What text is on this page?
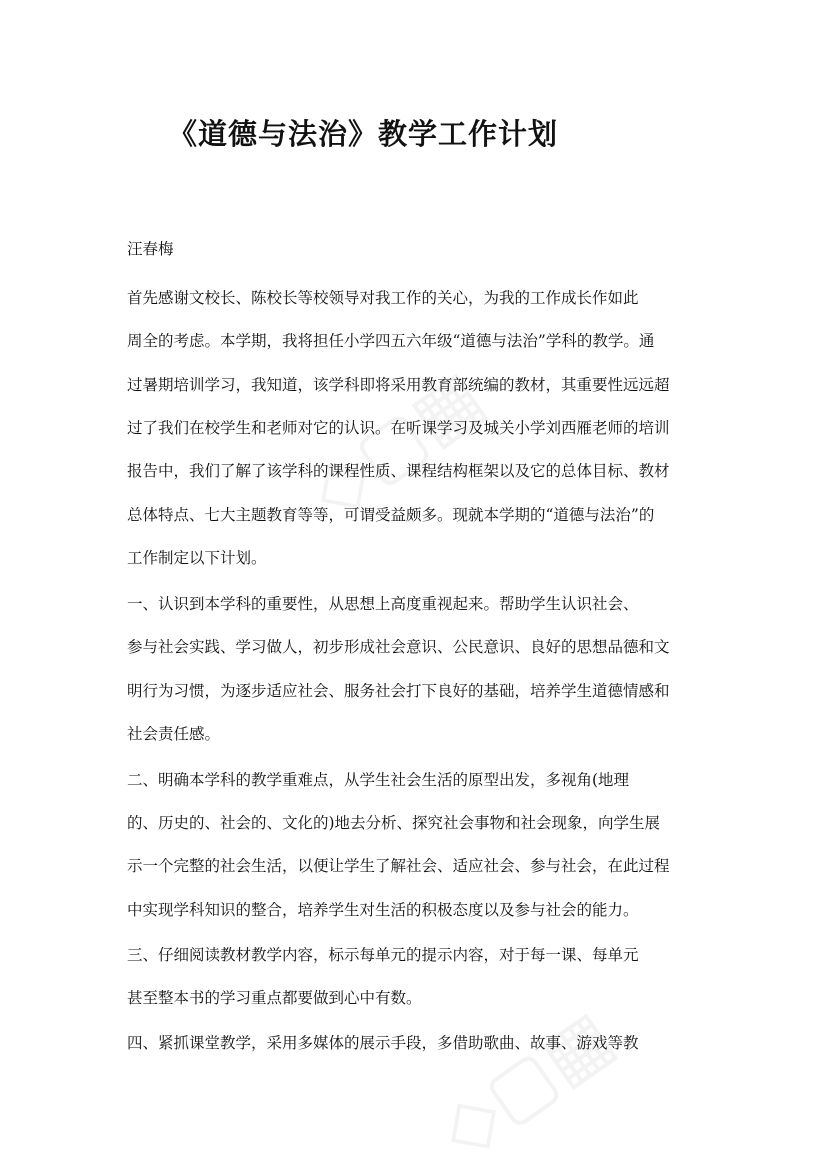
《道德与法治》教学工作计划
汪春梅
首先感谢文校长、陈校长等校领导对我工作的关心，为我的工作成长作如此
周全的考虑。本学期，我将担任小学四五六年级“道德与法治”学科的教学。通
过暑期培训学习，我知道，该学科即将采用教育部统编的教材，其重要性远远超
过了我们在校学生和老师对它的认识。在听课学习及城关小学刘西雁老师的培训
报告中，我们了解了该学科的课程性质、课程结构框架以及它的总体目标、教材
总体特点、七大主题教育等等，可谓受益颇多。现就本学期的“道德与法治”的
工作制定以下计划。
一、认识到本学科的重要性，从思想上高度重视起来。帮助学生认识社会、
参与社会实践、学习做人，初步形成社会意识、公民意识、良好的思想品德和文
明行为习惯，为逐步适应社会、服务社会打下良好的基础，培养学生道德情感和
社会责任感。
二、明确本学科的教学重难点，从学生社会生活的原型出发，多视角(地理
的、历史的、社会的、文化的)地去分析、探究社会事物和社会现象，向学生展
示一个完整的社会生活，以便让学生了解社会、适应社会、参与社会，在此过程
中实现学科知识的整合，培养学生对生活的积极态度以及参与社会的能力。
三、仔细阅读教材教学内容，标示每单元的提示内容，对于每一课、每单元
甚至整本书的学习重点都要做到心中有数。
四、紧抓课堂教学，采用多媒体的展示手段，多借助歌曲、故事、游戏等教
